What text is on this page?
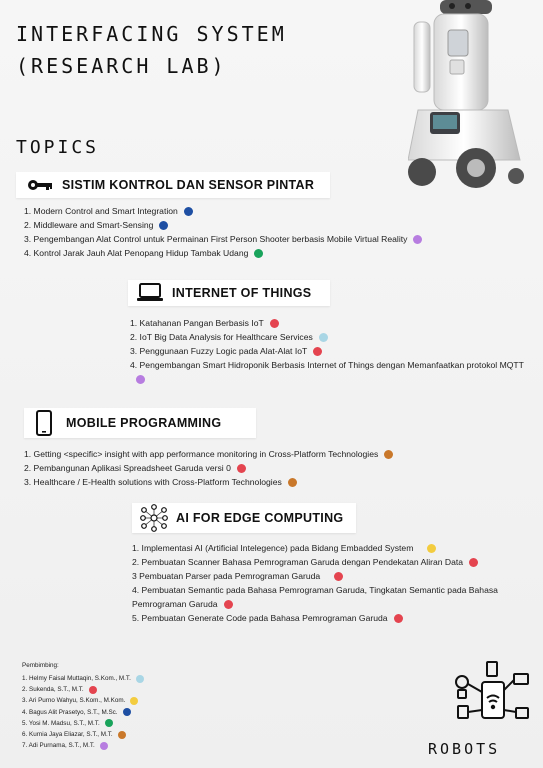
INTERFACING SYSTEM
(RESEARCH LAB)
TOPICS
SISTIM KONTROL DAN SENSOR PINTAR
1. Modern Control and Smart Integration
2. Middleware and Smart-Sensing
3. Pengembangan Alat Control untuk Permainan First Person Shooter berbasis Mobile Virtual Reality
4. Kontrol Jarak Jauh Alat Penopang Hidup Tambak Udang
INTERNET OF THINGS
1. Katahanan Pangan Berbasis IoT
2. IoT Big Data Analysis for Healthcare Services
3. Penggunaan Fuzzy Logic pada Alat-Alat IoT
4. Pengembangan Smart Hidroponik Berbasis Internet of Things dengan Memanfaatkan protokol MQTT
MOBILE PROGRAMMING
1. Getting <specific> insight with app performance monitoring in Cross-Platform Technologies
2. Pembangunan Aplikasi Spreadsheet Garuda versi 0
3. Healthcare / E-Health solutions with Cross-Platform Technologies
AI FOR EDGE COMPUTING
1. Implementasi AI (Artificial Intelegence) pada Bidang Embadded System
2. Pembuatan Scanner Bahasa Pemrograman Garuda dengan Pendekatan Aliran Data
3 Pembuatan Parser pada Pemrograman Garuda
4. Pembuatan Semantic pada Bahasa Pemrograman Garuda, Tingkatan Semantic pada Bahasa Pemrograman Garuda
5. Pembuatan Generate Code pada Bahasa Pemrograman Garuda
Pembimbing:
1. Helmy Faisal Muttaqin, S.Kom., M.T.
2. Sukenda, S.T., M.T.
3. Ari Purno Wahyu, S.Kom., M.Kom.
4. Bagus Alit Prasetyo, S.T., M.Sc.
5. Yosi M. Madsu, S.T., M.T.
6. Kurnia Jaya Eliazar, S.T., M.T.
7. Adi Purnama, S.T., M.T.	ROBOTS
